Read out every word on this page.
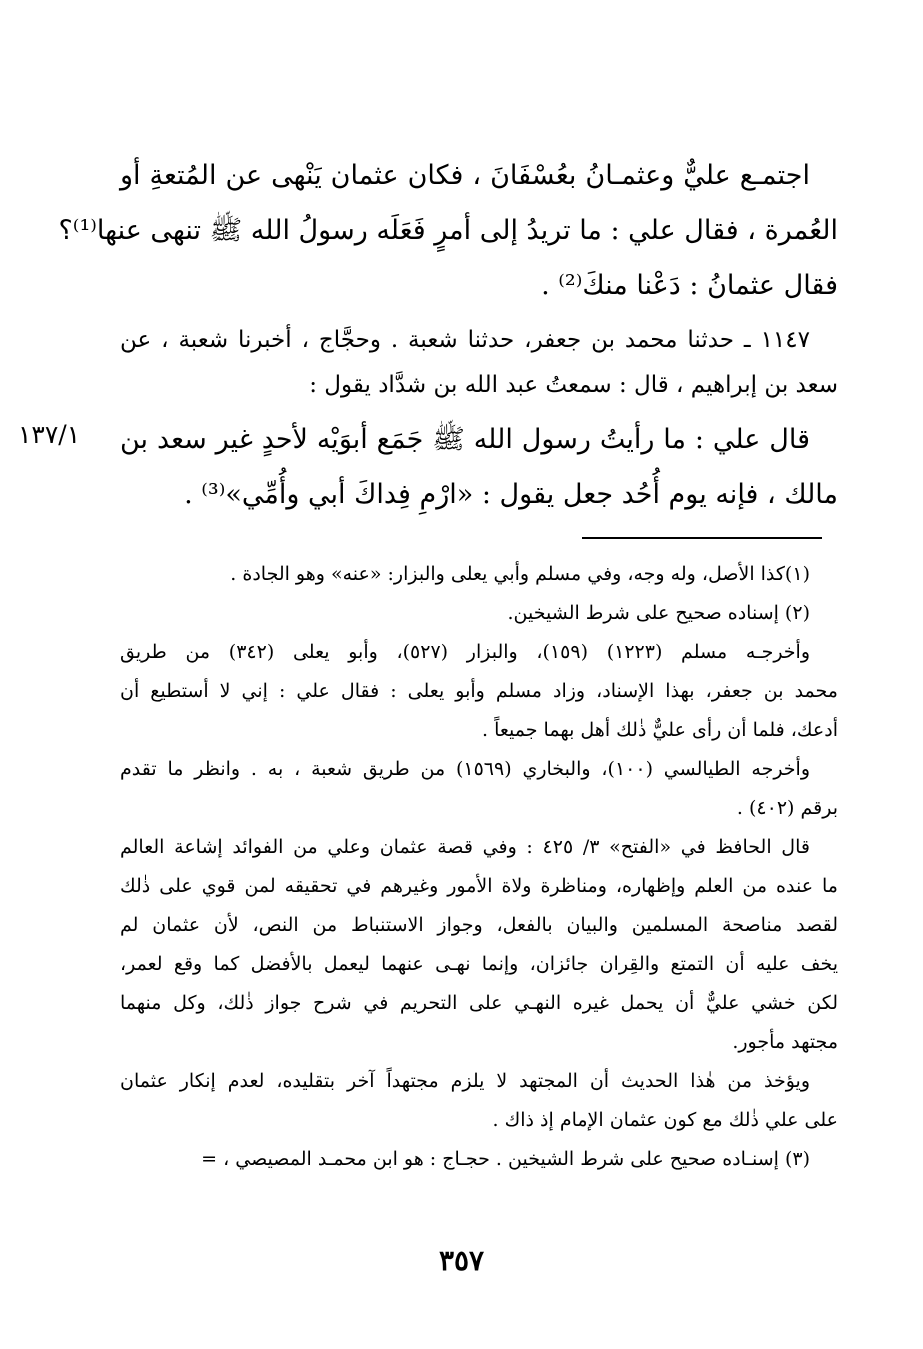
اجتمـع عليٌّ وعثمـانُ بعُسْفَانَ ، فكان عثمان يَنْهى عن المُتعةِ أو
العُمرة ، فقال علي : ما تريدُ إلى أمرٍ فَعَلَه رسولُ الله ﷺ تنهى عنها⁽¹⁾؟
فقال عثمانُ : دَعْنا منكَ⁽²⁾ .
١١٤٧ ـ حدثنا محمد بن جعفر، حدثنا شعبة . وحجَّاج ، أخبرنا شعبة ، عن
سعد بن إبراهيم ، قال : سمعتُ عبد الله بن شدَّاد يقول :
قال علي : ما رأيتُ رسول الله ﷺ جَمَع أبوَيْه لأحدٍ غير سعد بن
مالك ، فإنه يوم أُحُد جعل يقول : «ارْمِ فِداكَ أبي وأُمِّي»⁽³⁾ .
١٣٧/١
(١)كذا الأصل، وله وجه، وفي مسلم وأبي يعلى والبزار: «عنه» وهو الجادة .
(٢) إسناده صحيح على شرط الشيخين.
وأخرجـه مسلم (١٢٢٣) (١٥٩)، والبزار (٥٢٧)، وأبو يعلى (٣٤٢) من طريق
محمد بن جعفر، بهذا الإسناد، وزاد مسلم وأبو يعلى : فقال علي : إني لا أستطيع أن
أدعك، فلما أن رأى عليٌّ ذٰلك أهل بهما جميعاً .
وأخرجه الطيالسي (١٠٠)، والبخاري (١٥٦٩) من طريق شعبة ، به . وانظر ما تقدم
برقم (٤٠٢) .
قال الحافظ في «الفتح» ٣/ ٤٢٥ : وفي قصة عثمان وعلي من الفوائد إشاعة العالم
ما عنده من العلم وإظهاره، ومناظرة ولاة الأمور وغيرهم في تحقيقه لمن قوي على ذٰلك
لقصد مناصحة المسلمين والبيان بالفعل، وجواز الاستنباط من النص، لأن عثمان لم
يخف عليه أن التمتع والقِران جائزان، وإنما نهـى عنهما ليعمل بالأفضل كما وقع لعمر،
لكن خشي عليٌّ أن يحمل غيره النهـي على التحريم في شرح جواز ذٰلك، وكل منهما
مجتهد مأجور.
ويؤخذ من هٰذا الحديث أن المجتهد لا يلزم مجتهداً آخر بتقليده، لعدم إنكار عثمان
على علي ذٰلك مع كون عثمان الإمام إذ ذاك .
(٣) إسنـاده صحيح على شرط الشيخين . حجـاج : هو ابن محمـد المصيصي ، =
٣٥٧
